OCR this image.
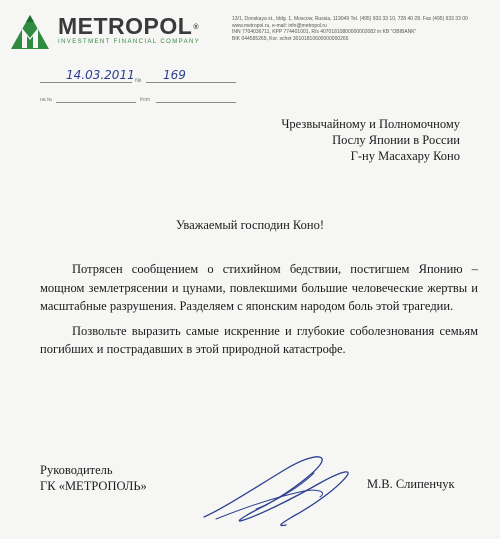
METROPOL®
INVESTMENT FINANCIAL COMPANY
13/1, Donskaya st., bldg. 1, Moscow, Russia, 119049 Tel. (495) 933 33 10, 728 40 28. Fax (495) 933 33 00
www.metropol.ru, e-mail: info@metropol.ru
INN 7704036711, KPP 774401001, R/s 40701810800000002082 in KB "OBIBANK"
BIK 044585265, Kor. schet 30101810600000000265
14.03.2011 № 169
на №	from
Чрезвычайному и Полномочному
Послу Японии в России
Г-ну Масахару Коно
Уважаемый господин Коно!

Потрясен сообщением о стихийном бедствии, постигшем Японию – мощном землетрясении и цунами, повлекшими большие человеческие жертвы и масштабные разрушения. Разделяем с японским народом боль этой трагедии.

Позвольте выразить самые искренние и глубокие соболезнования семьям погибших и пострадавших в этой природной катастрофе.

Руководитель
ГК «МЕТРОПОЛЬ»	М.В. Слипенчук
